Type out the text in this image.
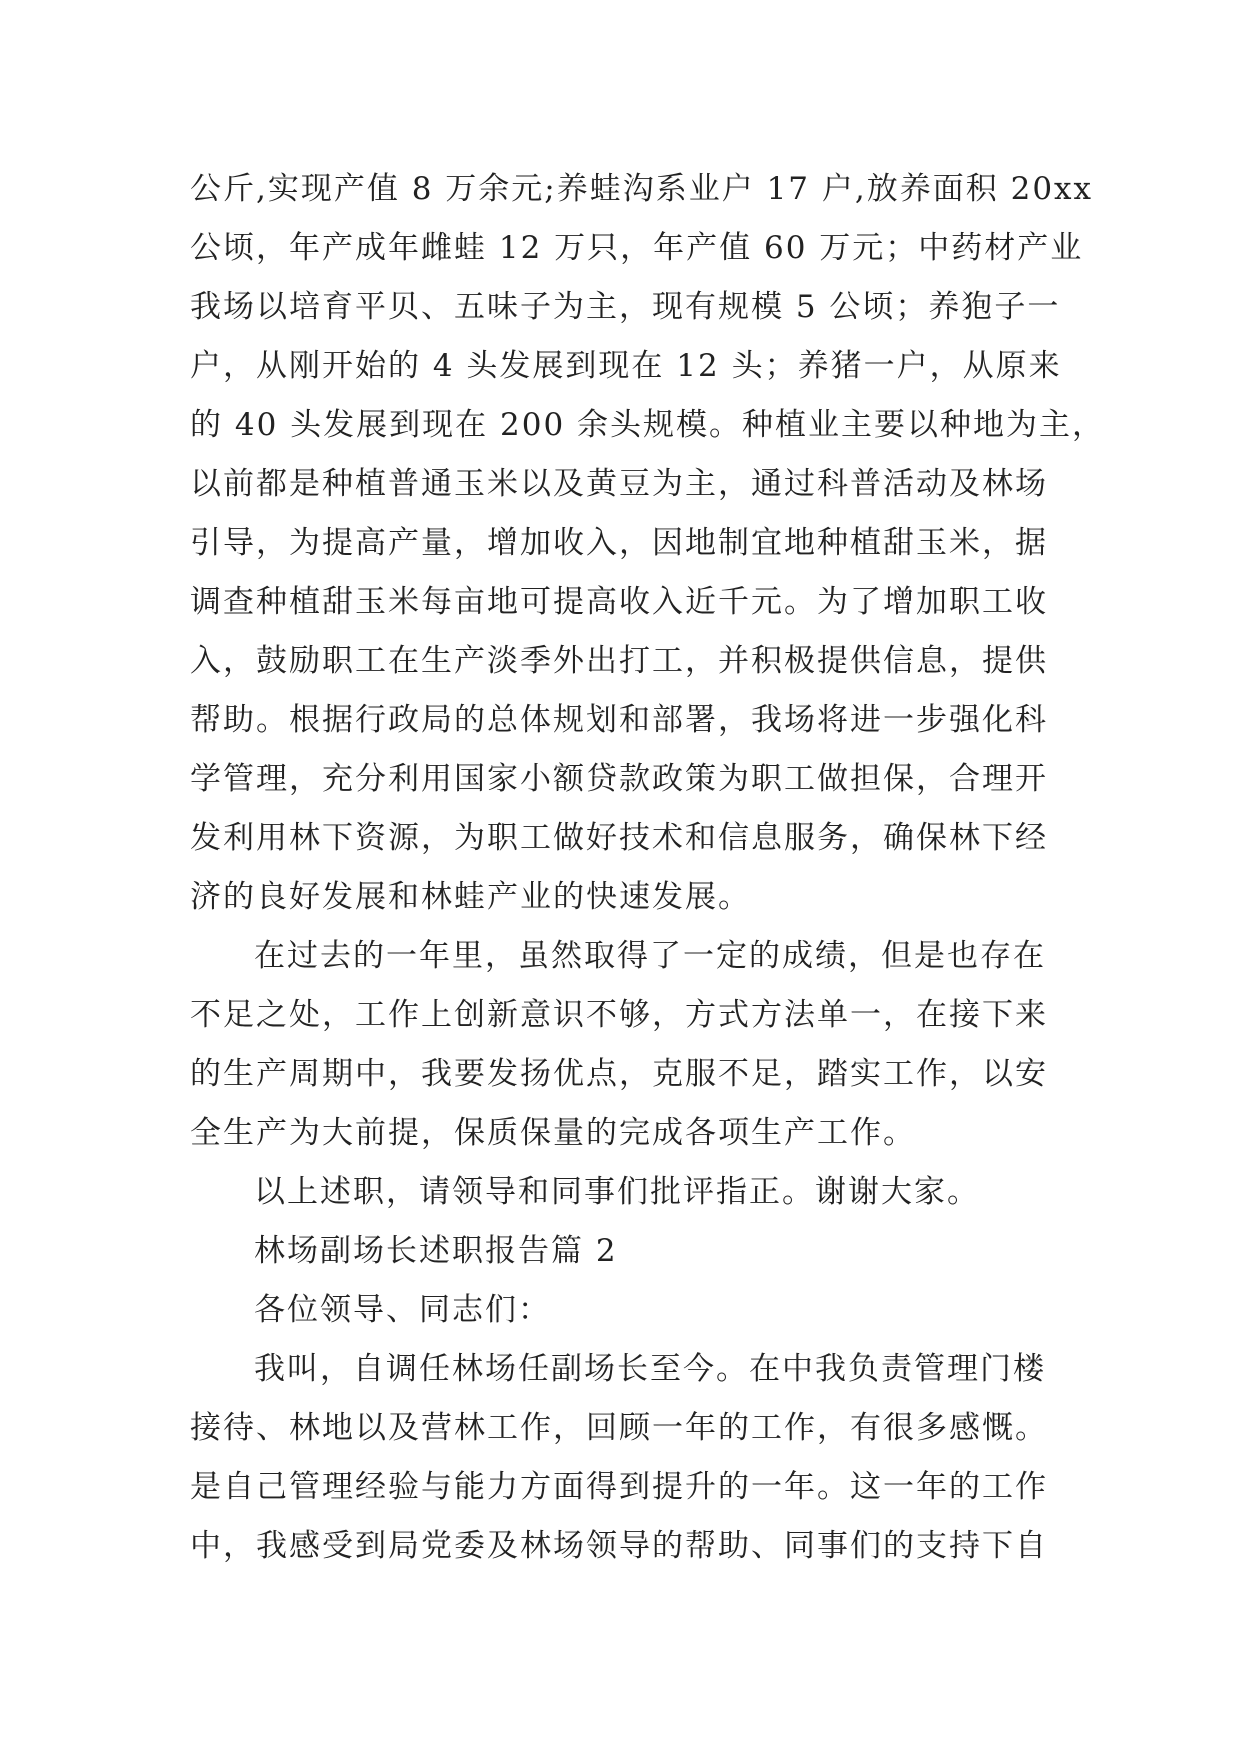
公斤,实现产值 8 万余元;养蛙沟系业户 17 户,放养面积 20xx
公顷，年产成年雌蛙 12 万只，年产值 60 万元；中药材产业
我场以培育平贝、五味子为主，现有规模 5 公顷；养狍子一
户，从刚开始的 4 头发展到现在 12 头；养猪一户，从原来
的 40 头发展到现在 200 余头规模。种植业主要以种地为主，
以前都是种植普通玉米以及黄豆为主，通过科普活动及林场
引导，为提高产量，增加收入，因地制宜地种植甜玉米，据
调查种植甜玉米每亩地可提高收入近千元。为了增加职工收
入，鼓励职工在生产淡季外出打工，并积极提供信息，提供
帮助。根据行政局的总体规划和部署，我场将进一步强化科
学管理，充分利用国家小额贷款政策为职工做担保，合理开
发利用林下资源，为职工做好技术和信息服务，确保林下经
济的良好发展和林蛙产业的快速发展。
在过去的一年里，虽然取得了一定的成绩，但是也存在
不足之处，工作上创新意识不够，方式方法单一，在接下来
的生产周期中，我要发扬优点，克服不足，踏实工作，以安
全生产为大前提，保质保量的完成各项生产工作。
以上述职，请领导和同事们批评指正。谢谢大家。
林场副场长述职报告篇 2
各位领导、同志们：
我叫，自调任林场任副场长至今。在中我负责管理门楼
接待、林地以及营林工作，回顾一年的工作，有很多感慨。
是自己管理经验与能力方面得到提升的一年。这一年的工作
中，我感受到局党委及林场领导的帮助、同事们的支持下自
